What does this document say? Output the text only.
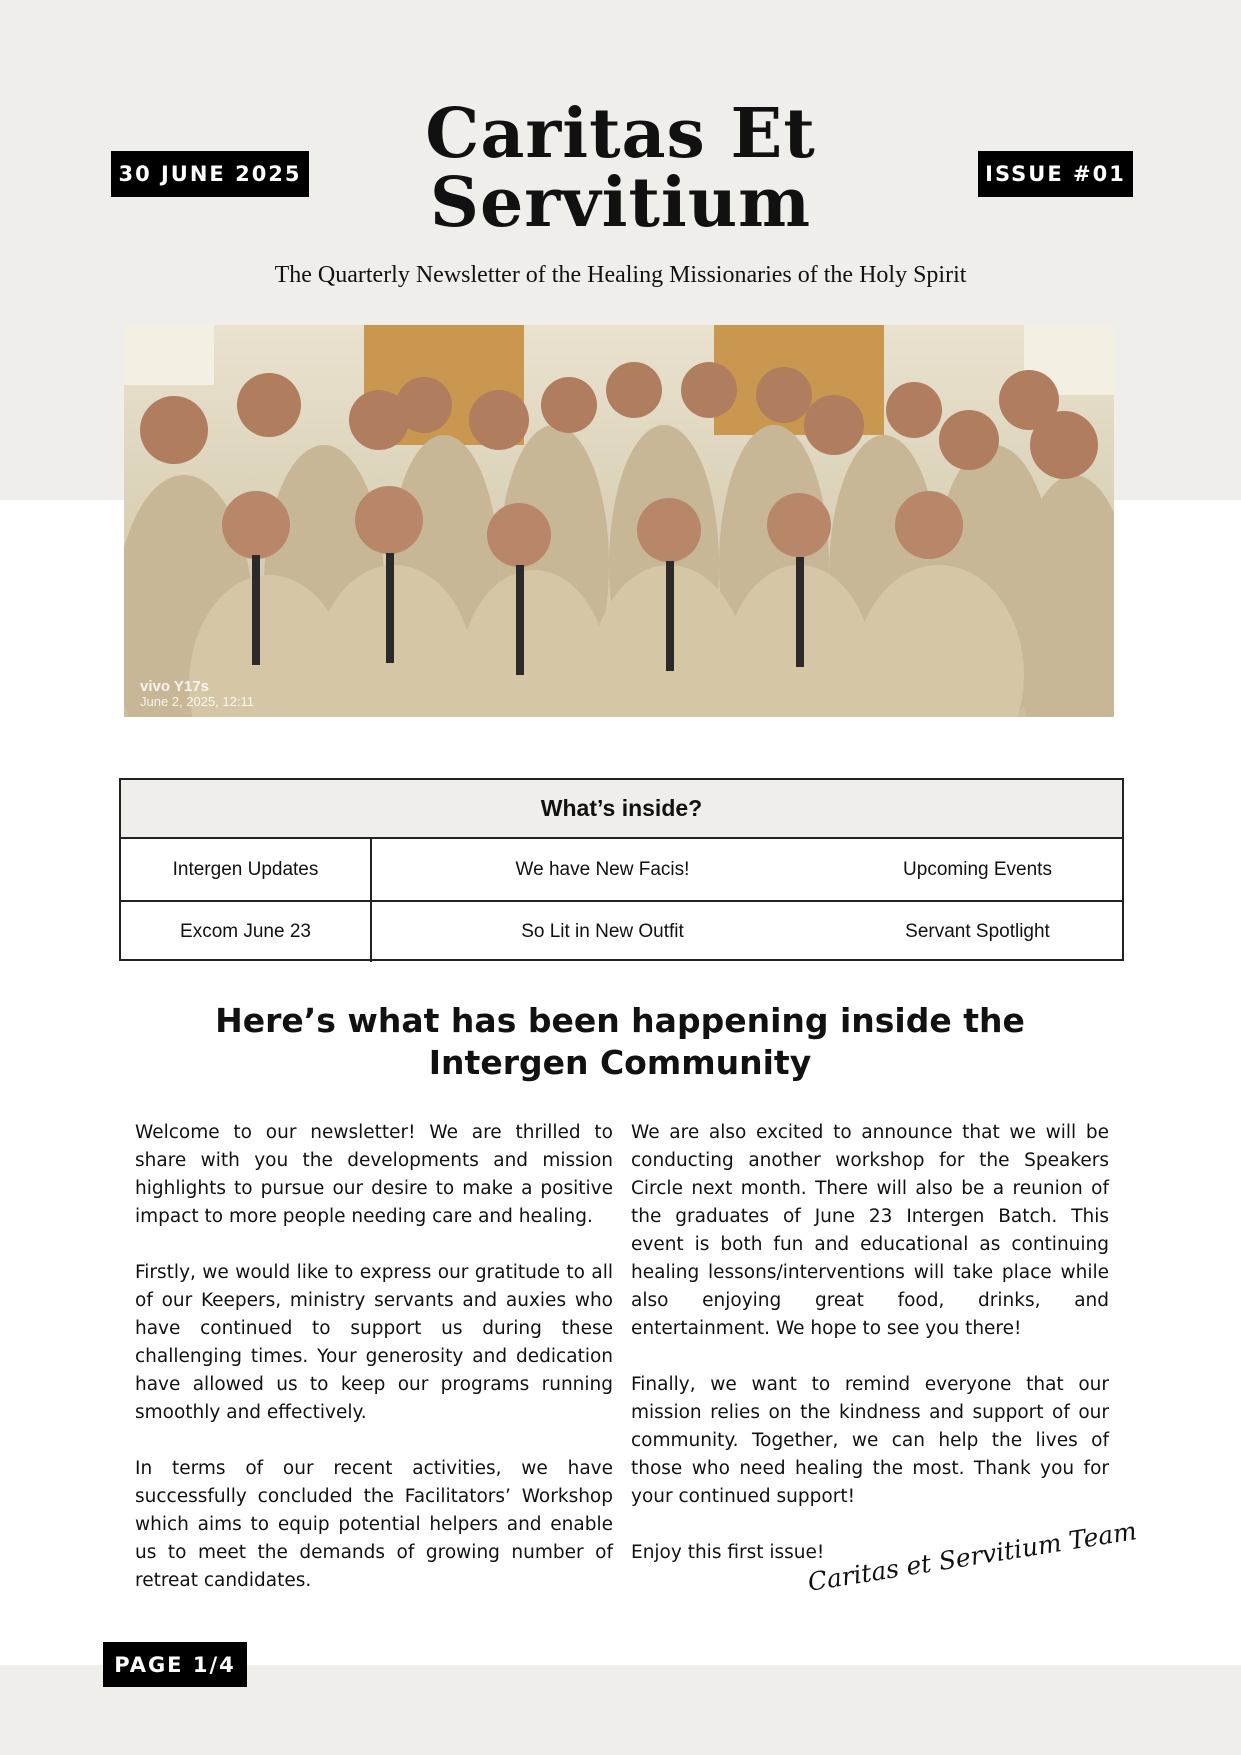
30 JUNE 2025	ISSUE #01
Caritas Et
Servitium

The Quarterly Newsletter of the Healing Missionaries of the Holy Spirit

vivo Y17s
June 2, 2025, 12:11
What’s inside?
Intergen Updates	We have New Facis!	Upcoming Events
Excom June 23	So Lit in New Outfit	Servant Spotlight
Here’s what has been happening inside the
Intergen Community

Welcome to our newsletter! We are thrilled to share with you the developments and mission highlights to pursue our desire to make a positive impact to more people needing care and healing.

Firstly, we would like to express our gratitude to all of our Keepers, ministry servants and auxies who have continued to support us during these challenging times. Your generosity and dedication have allowed us to keep our programs running smoothly and effectively.

In terms of our recent activities, we have successfully concluded the Facilitators’ Workshop which aims to equip potential helpers and enable us to meet the demands of growing number of retreat candidates.

We are also excited to announce that we will be conducting another workshop for the Speakers Circle next month. There will also be a reunion of the graduates of June 23 Intergen Batch. This event is both fun and educational as continuing healing lessons/interventions will take place while also enjoying great food, drinks, and entertainment. We hope to see you there!

Finally, we want to remind everyone that our mission relies on the kindness and support of our community. Together, we can help the lives of those who need healing the most. Thank you for your continued support!

Enjoy this first issue!

Caritas et Servitium Team
PAGE 1/4
